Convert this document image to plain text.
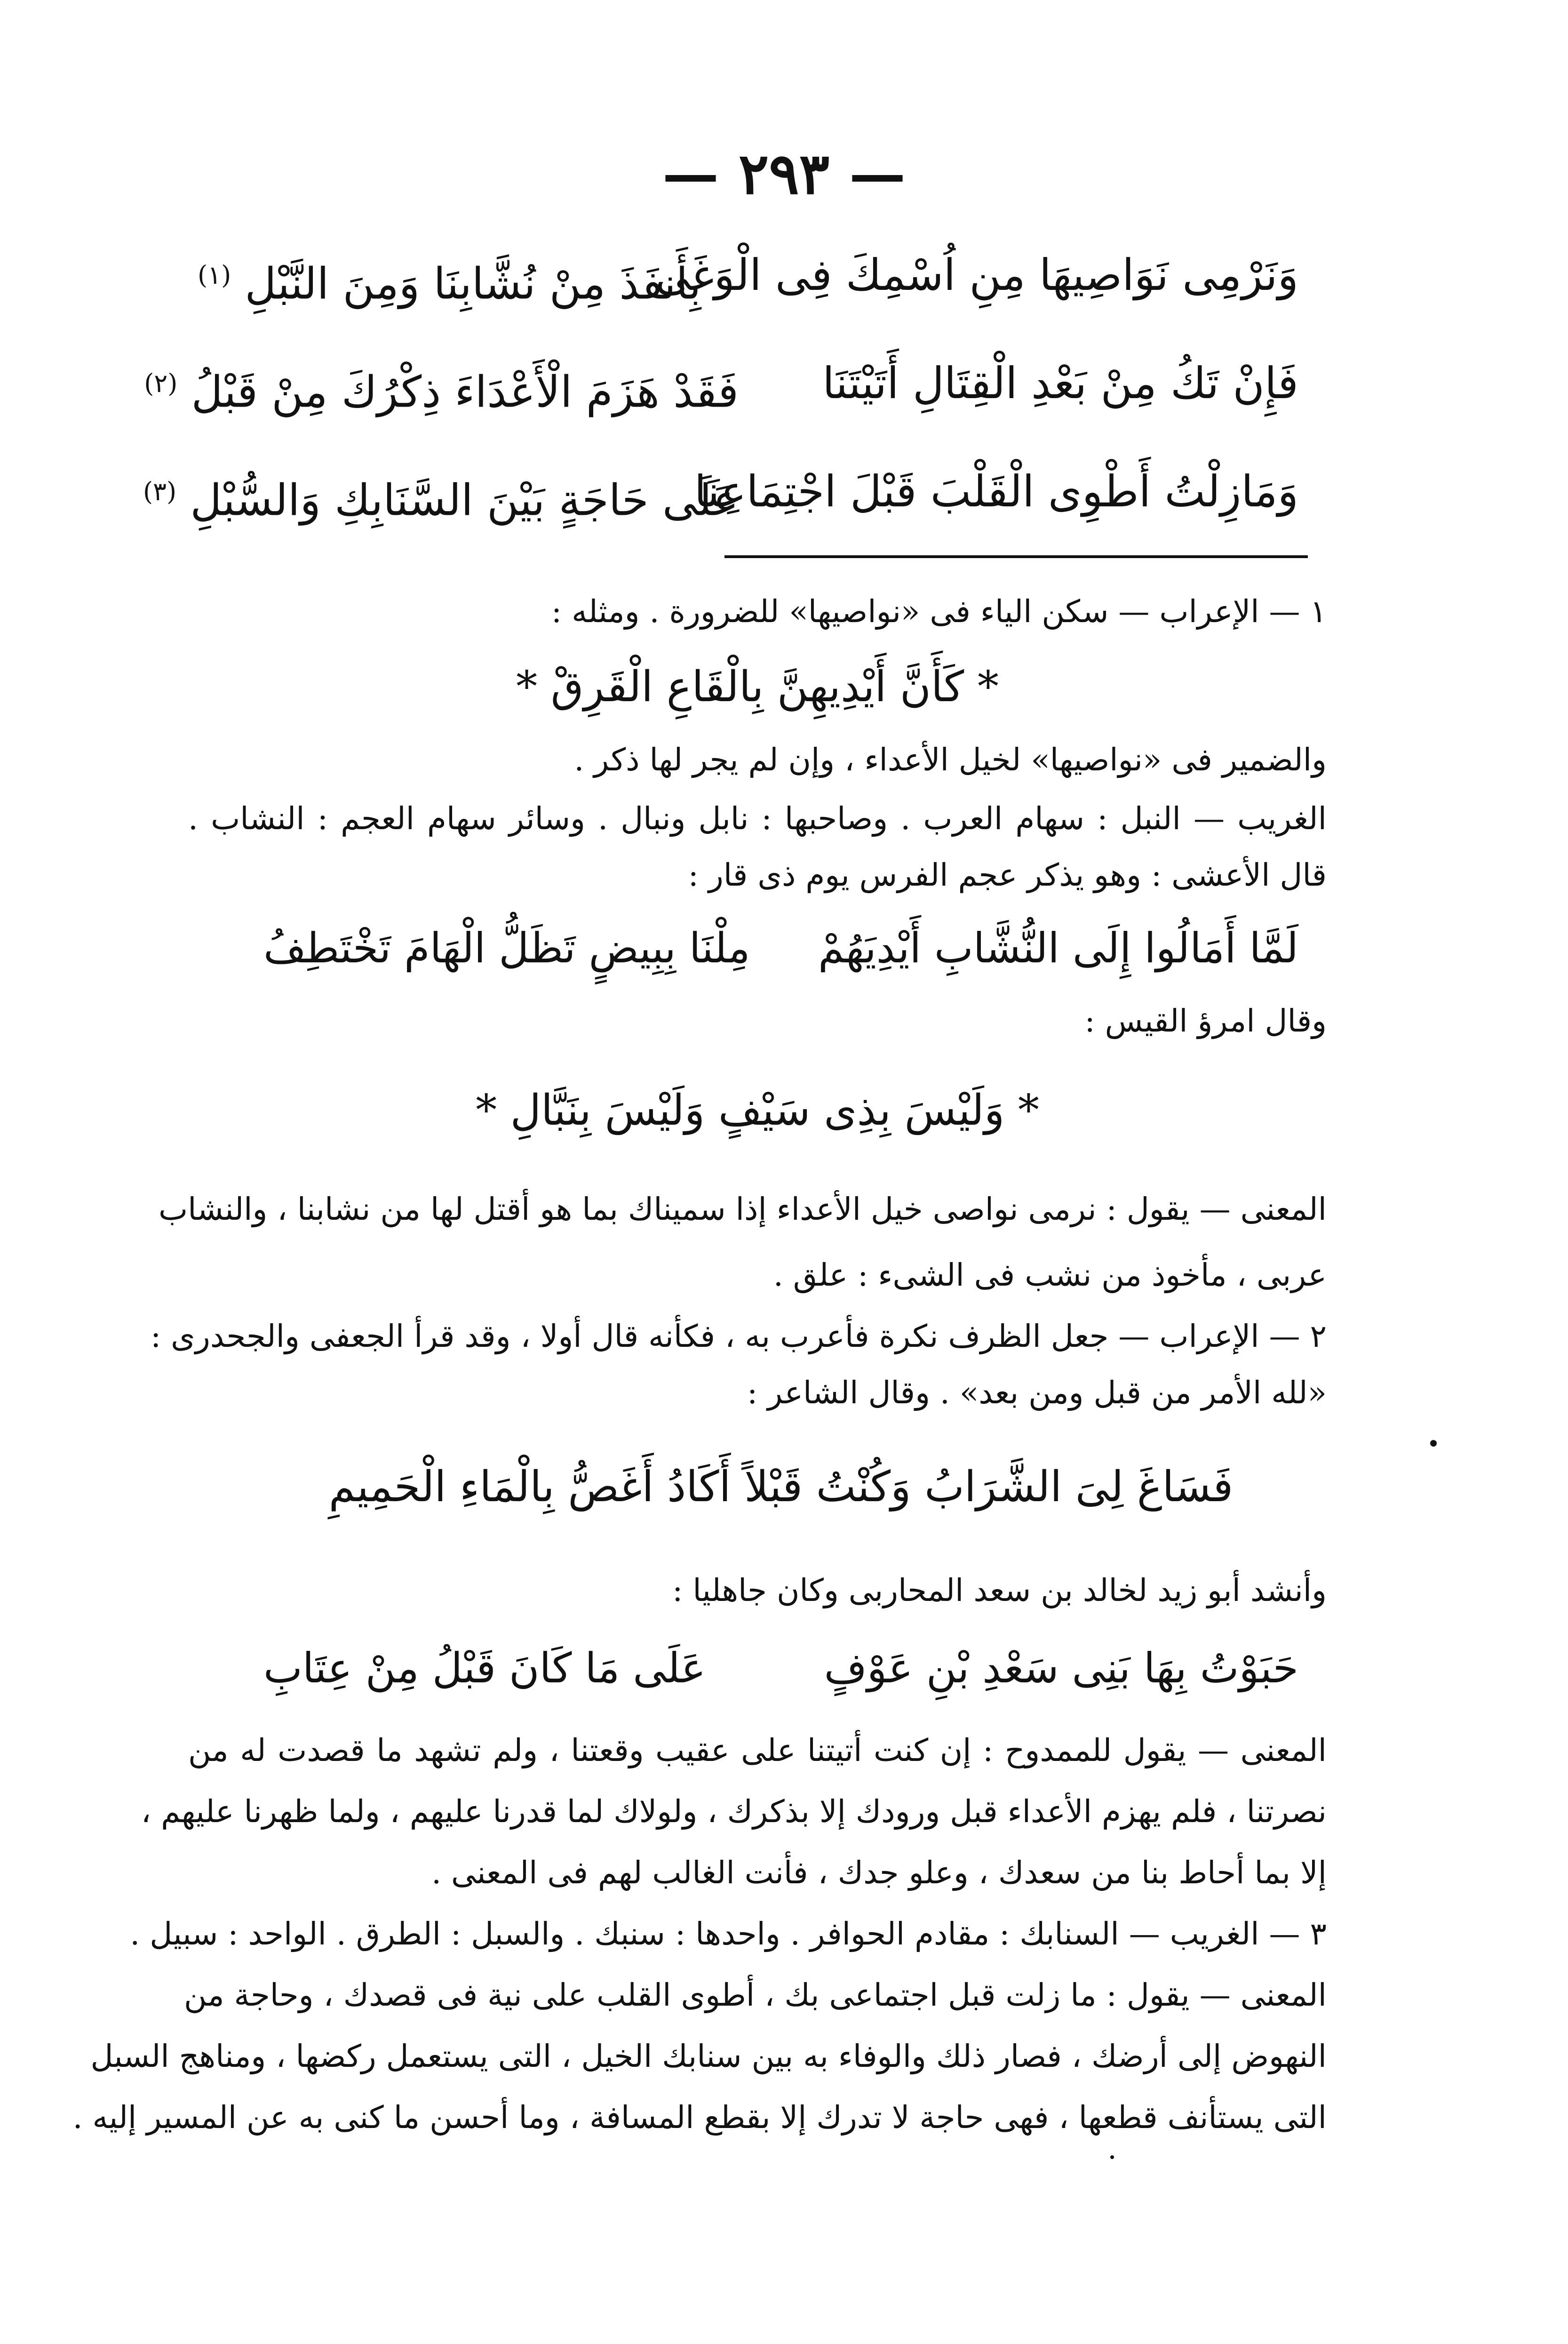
— ٢٩٣ —
وَنَرْمِى نَوَاصِيهَا مِنِ اُسْمِكَ فِى الْوَغَى
بِأَنفَذَ مِنْ نُشَّابِنَا وَمِنَ النَّبْلِ $^{(١)}$
فَإِنْ تَكُ مِنْ بَعْدِ الْقِتَالِ أَتَيْتَنَا
فَقَدْ هَزَمَ الْأَعْدَاءَ ذِكْرُكَ مِنْ قَبْلُ $^{(٢)}$
وَمَازِلْتُ أَطْوِى الْقَلْبَ قَبْلَ اجْتِمَاعِنَا
عَلَى حَاجَةٍ بَيْنَ السَّنَابِكِ وَالسُّبْلِ $^{(٣)}$
١ — الإعراب — سكن الياء فى «نواصيها» للضرورة . ومثله :
* كَأَنَّ أَيْدِيهِنَّ بِالْقَاعِ الْقَرِقْ *
والضمير فى «نواصيها» لخيل الأعداء ، وإن لم يجر لها ذكر .
الغريب — النبل : سهام العرب . وصاحبها : نابل ونبال . وسائر سهام العجم : النشاب .
قال الأعشى : وهو يذكر عجم الفرس يوم ذى قار :
لَمَّا أَمَالُوا إِلَى النُّشَّابِ أَيْدِيَهُمْ
مِلْنَا بِبِيضٍ تَظَلُّ الْهَامَ تَخْتَطِفُ
وقال امرؤ القيس :
* وَلَيْسَ بِذِى سَيْفٍ وَلَيْسَ بِنَبَّالِ *
المعنى — يقول : نرمى نواصى خيل الأعداء إذا سميناك بما هو أقتل لها من نشابنا ، والنشاب
عربى ، مأخوذ من نشب فى الشىء : علق .
٢ — الإعراب — جعل الظرف نكرة فأعرب به ، فكأنه قال أولا ، وقد قرأ الجعفى والجحدرى :
«لله الأمر من قبل ومن بعد» . وقال الشاعر :
فَسَاغَ لِىَ الشَّرَابُ وَكُنْتُ قَبْلاً أَكَادُ أَغَصُّ بِالْمَاءِ الْحَمِيمِ
وأنشد أبو زيد لخالد بن سعد المحاربى وكان جاهليا :
حَبَوْتُ بِهَا بَنِى سَعْدِ بْنِ عَوْفٍ
عَلَى مَا كَانَ قَبْلُ مِنْ عِتَابِ
المعنى — يقول للممدوح : إن كنت أتيتنا على عقيب وقعتنا ، ولم تشهد ما قصدت له من
نصرتنا ، فلم يهزم الأعداء قبل ورودك إلا بذكرك ، ولولاك لما قدرنا عليهم ، ولما ظهرنا عليهم ،
إلا بما أحاط بنا من سعدك ، وعلو جدك ، فأنت الغالب لهم فى المعنى .
٣ — الغريب — السنابك : مقادم الحوافر . واحدها : سنبك . والسبل : الطرق . الواحد : سبيل .
المعنى — يقول : ما زلت قبل اجتماعى بك ، أطوى القلب على نية فى قصدك ، وحاجة من
النهوض إلى أرضك ، فصار ذلك والوفاء به بين سنابك الخيل ، التى يستعمل ركضها ، ومناهج السبل
التى يستأنف قطعها ، فهى حاجة لا تدرك إلا بقطع المسافة ، وما أحسن ما كنى به عن المسير إليه .
